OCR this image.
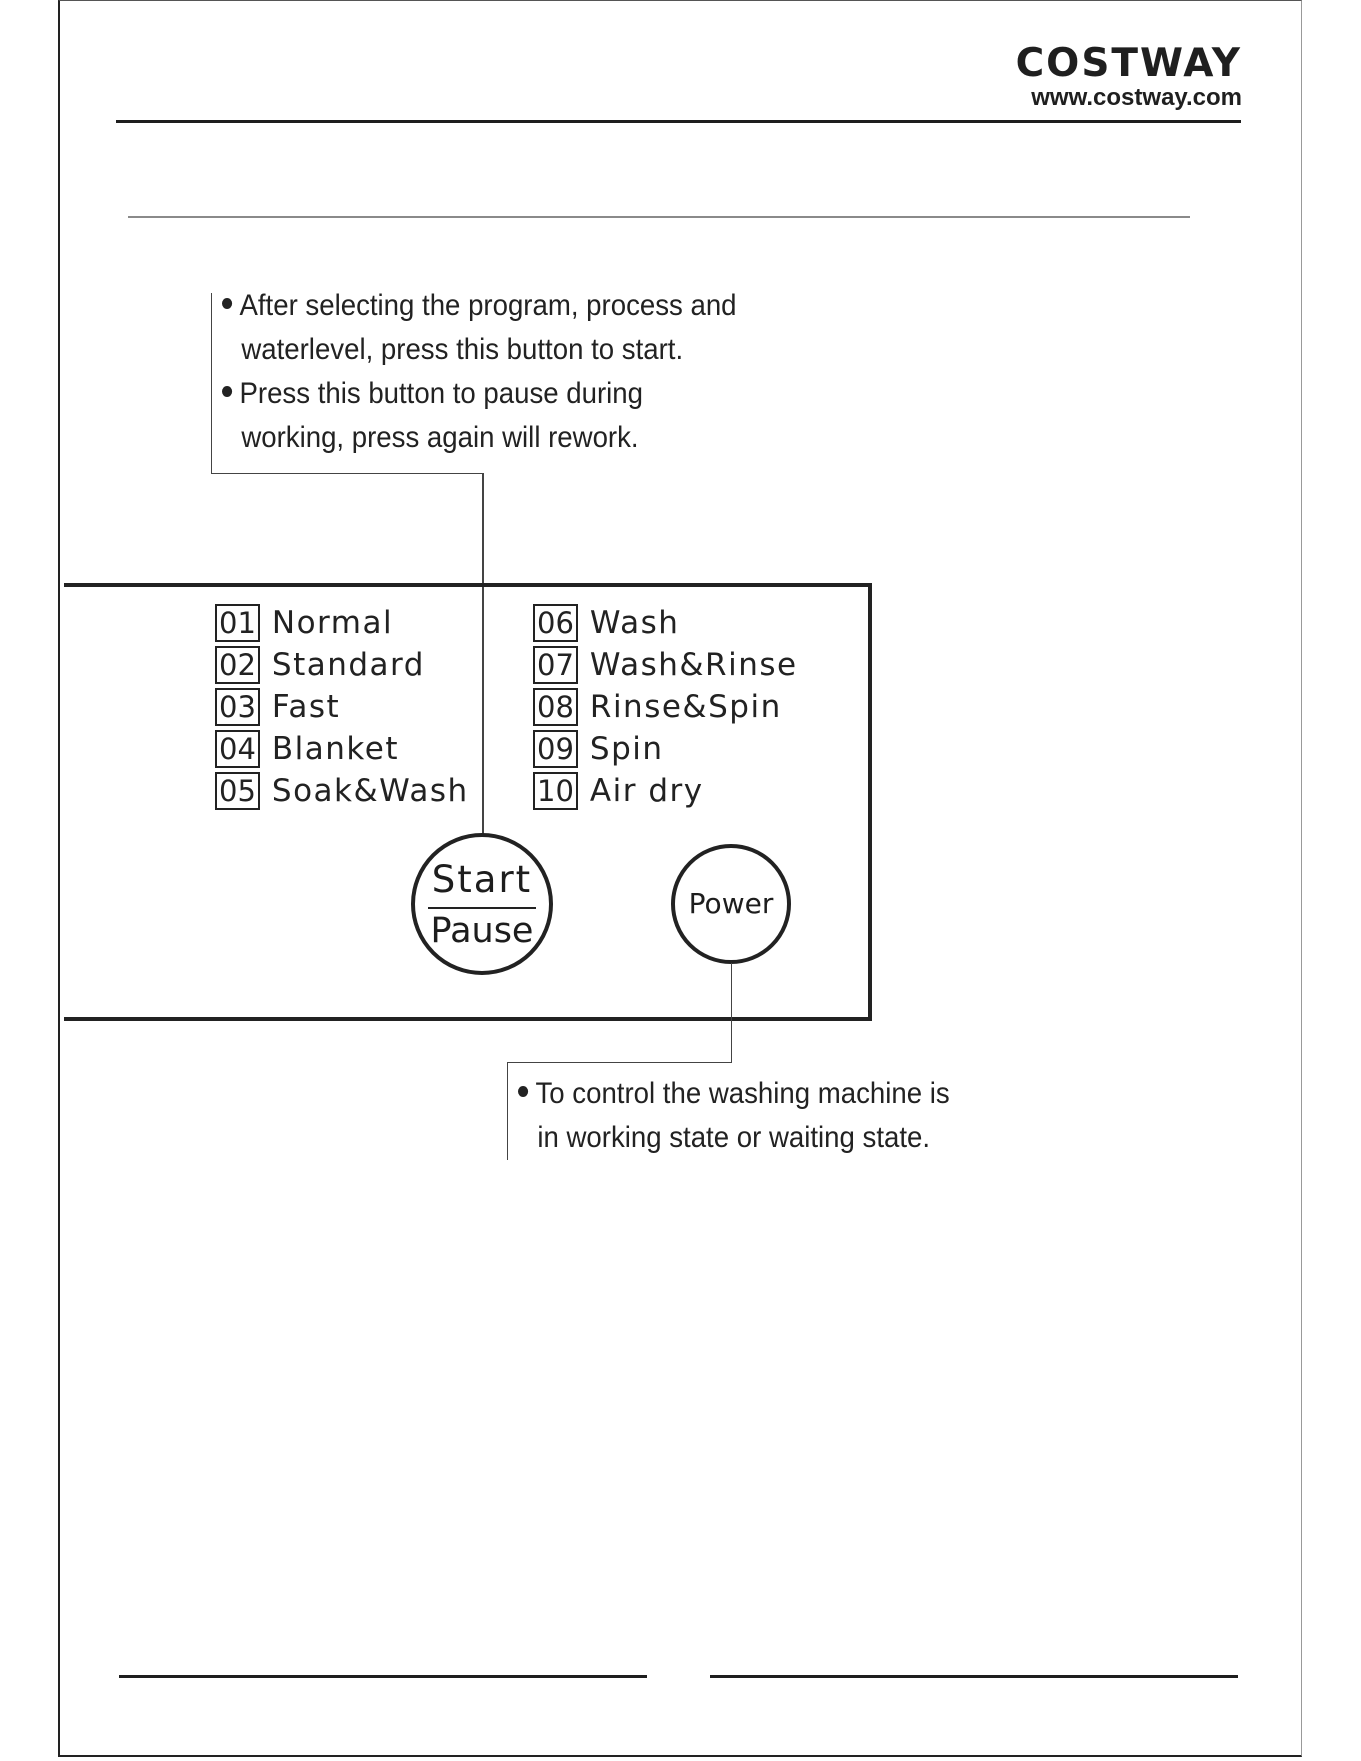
COSTWAY
www.costway.com
After selecting the program, process and
waterlevel, press this button to start.
Press this button to pause during
working, press again will rework.
01 Normal
02 Standard
03 Fast
04 Blanket
05 Soak&Wash
06 Wash
07 Wash&Rinse
08 Rinse&Spin
09 Spin
10 Air dry
Start
Pause
Power
To control the washing machine is
in working state or waiting state.
